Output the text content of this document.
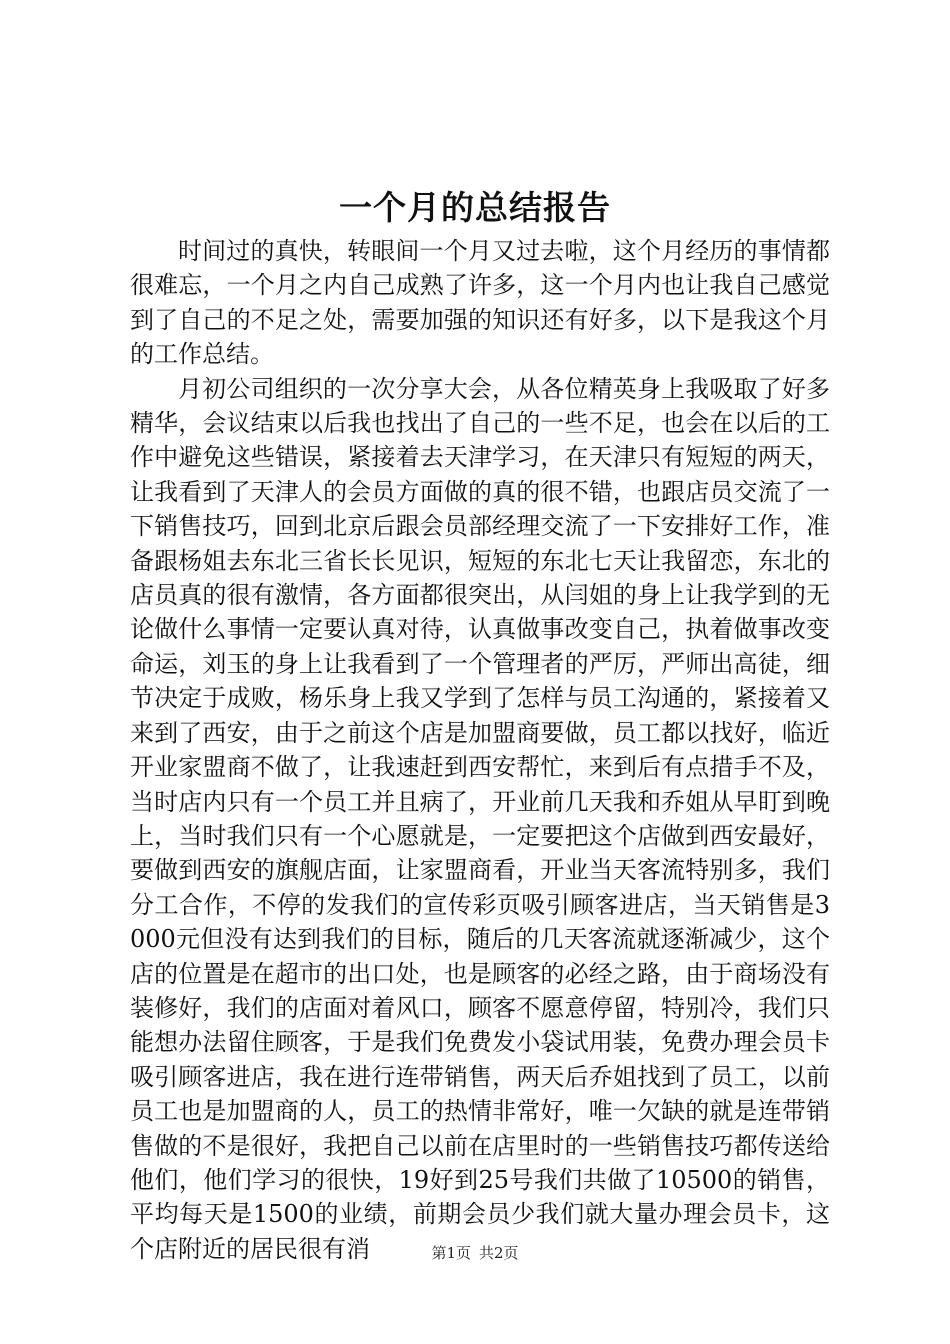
一个月的总结报告

时间过的真快，转眼间一个月又过去啦，这个月经历的事情都很难忘，一个月之内自己成熟了许多，这一个月内也让我自己感觉到了自己的不足之处，需要加强的知识还有好多，以下是我这个月的工作总结。

月初公司组织的一次分享大会，从各位精英身上我吸取了好多精华，会议结束以后我也找出了自己的一些不足，也会在以后的工作中避免这些错误，紧接着去天津学习，在天津只有短短的两天，让我看到了天津人的会员方面做的真的很不错，也跟店员交流了一下销售技巧，回到北京后跟会员部经理交流了一下安排好工作，准备跟杨姐去东北三省长长见识，短短的东北七天让我留恋，东北的店员真的很有激情，各方面都很突出，从闫姐的身上让我学到的无论做什么事情一定要认真对待，认真做事改变自己，执着做事改变命运，刘玉的身上让我看到了一个管理者的严厉，严师出高徒，细节决定于成败，杨乐身上我又学到了怎样与员工沟通的，紧接着又来到了西安，由于之前这个店是加盟商要做，员工都以找好，临近开业家盟商不做了，让我速赶到西安帮忙，来到后有点措手不及，当时店内只有一个员工并且病了，开业前几天我和乔姐从早盯到晚上，当时我们只有一个心愿就是，一定要把这个店做到西安最好，要做到西安的旗舰店面，让家盟商看，开业当天客流特别多，我们分工合作，不停的发我们的宣传彩页吸引顾客进店，当天销售是3000元但没有达到我们的目标，随后的几天客流就逐渐减少，这个店的位置是在超市的出口处，也是顾客的必经之路，由于商场没有装修好，我们的店面对着风口，顾客不愿意停留，特别冷，我们只能想办法留住顾客，于是我们免费发小袋试用装，免费办理会员卡吸引顾客进店，我在进行连带销售，两天后乔姐找到了员工，以前员工也是加盟商的人，员工的热情非常好，唯一欠缺的就是连带销售做的不是很好，我把自己以前在店里时的一些销售技巧都传送给他们，他们学习的很快，19好到25号我们共做了10500的销售，平均每天是1500的业绩，前期会员少我们就大量办理会员卡，这个店附近的居民很有消	第1页 共2页
